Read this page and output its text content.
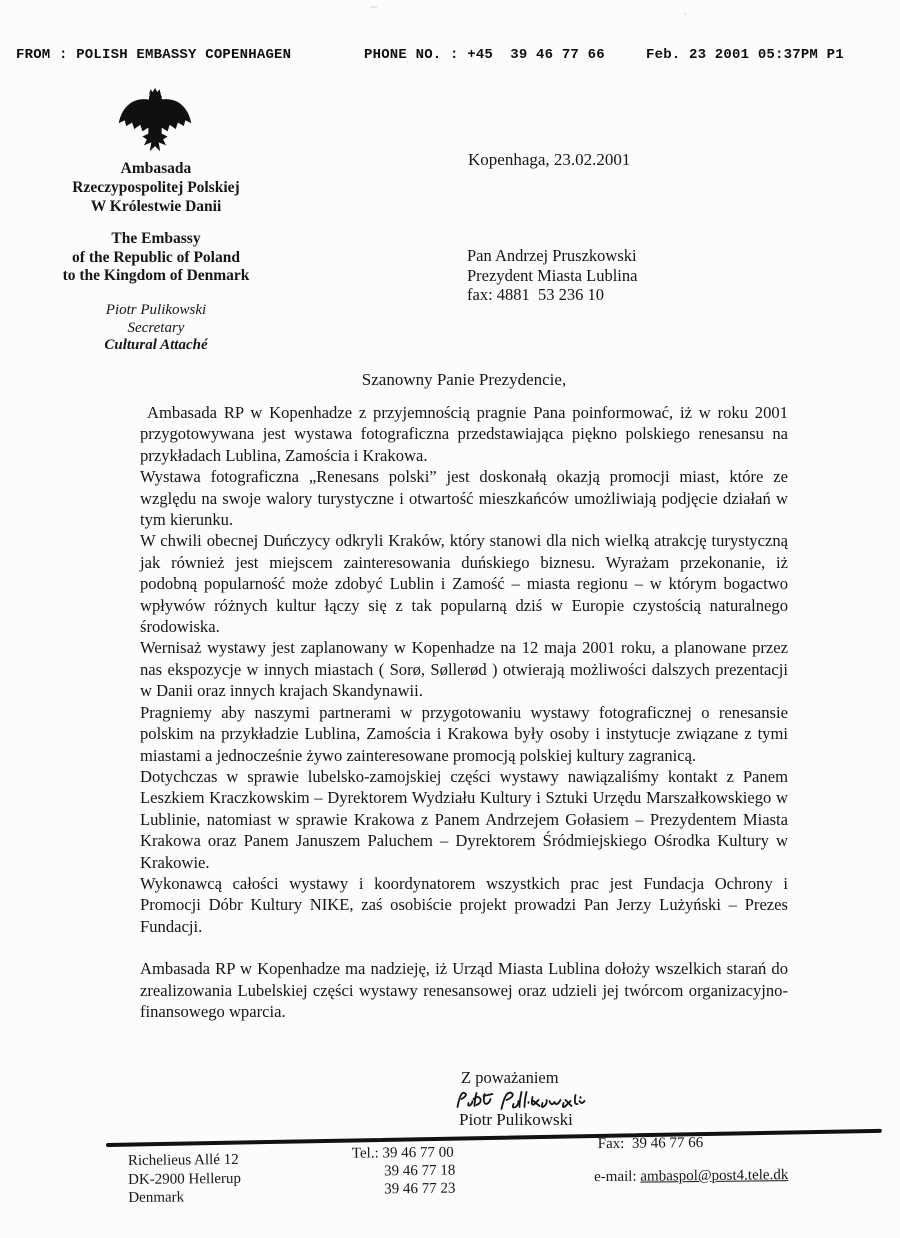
FROM : POLISH EMBASSY COPENHAGEN	PHONE NO. : +45  39 46 77 66	Feb. 23 2001 05:37PM P1
Ambasada
Rzeczypospolitej Polskiej
W Królestwie Danii
The Embassy
of the Republic of Poland
to the Kingdom of Denmark
Piotr Pulikowski
Secretary
Cultural Attaché
Kopenhaga, 23.02.2001
Pan Andrzej Pruszkowski
Prezydent Miasta Lublina
fax: 4881  53 236 10
Szanowny Panie Prezydencie,

Ambasada RP w Kopenhadze z przyjemnością pragnie Pana poinformować, iż w roku 2001 przygotowywana jest wystawa fotograficzna przedstawiająca piękno polskiego renesansu na przykładach Lublina, Zamościa i Krakowa.

Wystawa fotograficzna „Renesans polski” jest doskonałą okazją promocji miast, które ze względu na swoje walory turystyczne i otwartość mieszkańców umożliwiają podjęcie działań w tym kierunku.

W chwili obecnej Duńczycy odkryli Kraków, który stanowi dla nich wielką atrakcję turystyczną jak również jest miejscem zainteresowania duńskiego biznesu. Wyrażam przekonanie, iż podobną popularność może zdobyć Lublin i Zamość – miasta regionu – w którym bogactwo wpływów różnych kultur łączy się z tak popularną dziś w Europie czystością naturalnego środowiska.

Wernisaż wystawy jest zaplanowany w Kopenhadze na 12 maja 2001 roku, a planowane przez nas ekspozycje w innych miastach ( Sorø, Søllerød ) otwierają możliwości dalszych prezentacji w Danii oraz innych krajach Skandynawii.

Pragniemy aby naszymi partnerami w przygotowaniu wystawy fotograficznej o renesansie polskim na przykładzie Lublina, Zamościa i Krakowa były osoby i instytucje związane z tymi miastami a jednocześnie żywo zainteresowane promocją polskiej kultury zagranicą.

Dotychczas w sprawie lubelsko-zamojskiej części wystawy nawiązaliśmy kontakt z Panem Leszkiem Kraczkowskim – Dyrektorem Wydziału Kultury i Sztuki Urzędu Marszałkowskiego w Lublinie, natomiast w sprawie Krakowa z Panem Andrzejem Gołasiem – Prezydentem Miasta Krakowa oraz Panem Januszem Paluchem – Dyrektorem Śródmiejskiego Ośrodka Kultury w Krakowie.

Wykonawcą całości wystawy i koordynatorem wszystkich prac jest Fundacja Ochrony i Promocji Dóbr Kultury NIKE, zaś osobiście projekt prowadzi Pan Jerzy Lużyński – Prezes Fundacji.

Ambasada RP w Kopenhadze ma nadzieję, iż Urząd Miasta Lublina dołoży wszelkich starań do zrealizowania Lubelskiej części wystawy renesansowej oraz udzieli jej twórcom organizacyjno-finansowego wparcia.

Z poważaniem
Piotr Pulikowski
Richelieus Allé 12
DK-2900 Hellerup
Denmark
Tel.: 39 46 77 00
39 46 77 18
39 46 77 23
Fax:  39 46 77 66
e-mail: ambaspol@post4.tele.dk
